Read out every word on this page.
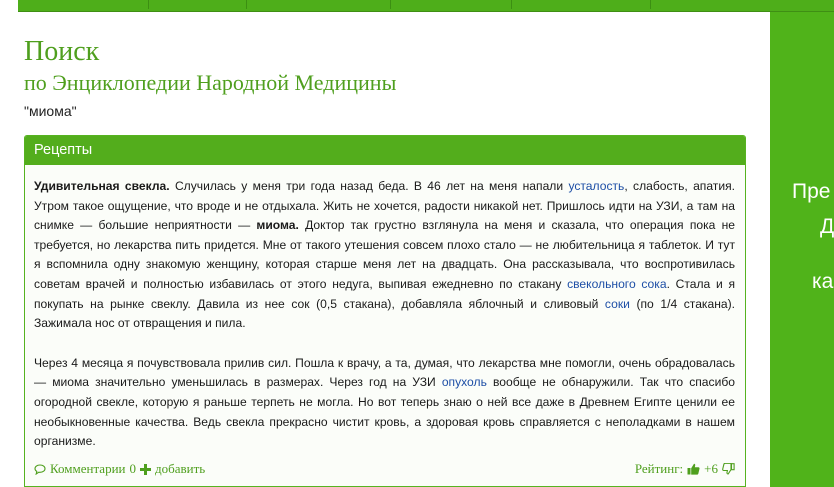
Поиск
по Энциклопедии Народной Медицины
"миома"
Рецепты

Удивительная свекла. Случилась у меня три года назад беда. В 46 лет на меня напали усталость, слабость, апатия. Утром такое ощущение, что вроде и не отдыхала. Жить не хочется, радости никакой нет. Пришлось идти на УЗИ, а там на снимке — большие неприятности — миома. Доктор так грустно взглянула на меня и сказала, что операция пока не требуется, но лекарства пить придется. Мне от такого утешения совсем плохо стало — не любительница я таблеток. И тут я вспомнила одну знакомую женщину, которая старше меня лет на двадцать. Она рассказывала, что воспротивилась советам врачей и полностью избавилась от этого недуга, выпивая ежедневно по стакану свекольного сока. Стала и я покупать на рынке свеклу. Давила из нее сок (0,5 стакана), добавляла яблочный и сливовый соки (по 1/4 стакана). Зажимала нос от отвращения и пила.

Через 4 месяца я почувствовала прилив сил. Пошла к врачу, а та, думая, что лекарства мне помогли, очень обрадовалась — миома значительно уменьшилась в размерах. Через год на УЗИ опухоль вообще не обнаружили. Так что спасибо огородной свекле, которую я раньше терпеть не могла. Но вот теперь знаю о ней все даже в Древнем Египте ценили ее необыкновенные качества. Ведь свекла прекрасно чистит кровь, а здоровая кровь справляется с неполадками в нашем организме.

Комментарии 0 добавить	Рейтинг: +6
Пре
Д
ка
